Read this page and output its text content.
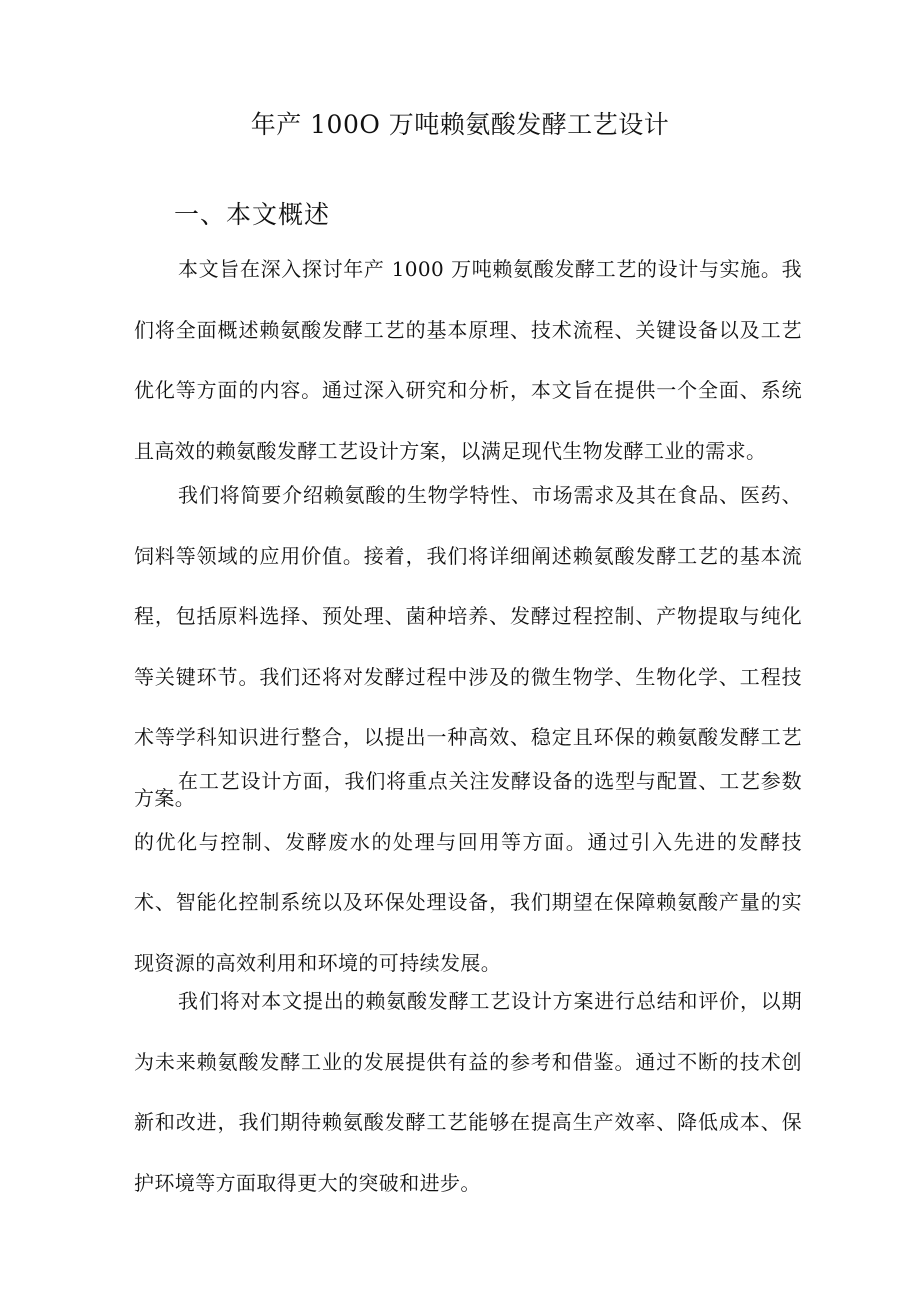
年产 100O 万吨赖氨酸发酵工艺设计
一、本文概述

本文旨在深入探讨年产 1000 万吨赖氨酸发酵工艺的设计与实施。我们将全面概述赖氨酸发酵工艺的基本原理、技术流程、关键设备以及工艺优化等方面的内容。通过深入研究和分析，本文旨在提供一个全面、系统且高效的赖氨酸发酵工艺设计方案，以满足现代生物发酵工业的需求。

我们将简要介绍赖氨酸的生物学特性、市场需求及其在食品、医药、饲料等领域的应用价值。接着，我们将详细阐述赖氨酸发酵工艺的基本流程，包括原料选择、预处理、菌种培养、发酵过程控制、产物提取与纯化等关键环节。我们还将对发酵过程中涉及的微生物学、生物化学、工程技术等学科知识进行整合，以提出一种高效、稳定且环保的赖氨酸发酵工艺方案。

在工艺设计方面，我们将重点关注发酵设备的选型与配置、工艺参数的优化与控制、发酵废水的处理与回用等方面。通过引入先进的发酵技术、智能化控制系统以及环保处理设备，我们期望在保障赖氨酸产量的实现资源的高效利用和环境的可持续发展。

我们将对本文提出的赖氨酸发酵工艺设计方案进行总结和评价，以期为未来赖氨酸发酵工业的发展提供有益的参考和借鉴。通过不断的技术创新和改进，我们期待赖氨酸发酵工艺能够在提高生产效率、降低成本、保护环境等方面取得更大的突破和进步。
